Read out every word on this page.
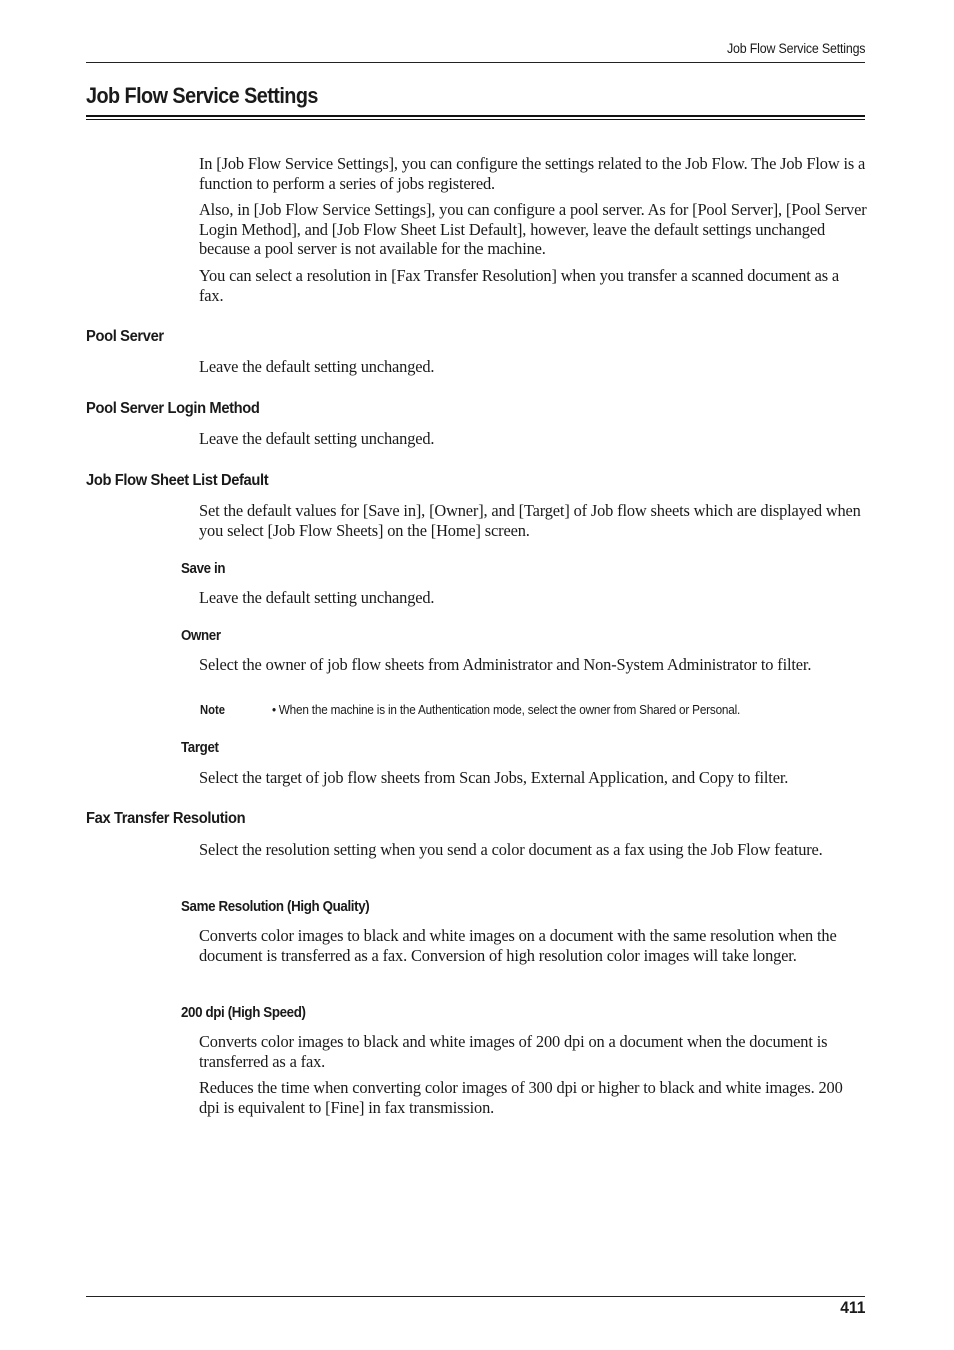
Job Flow Service Settings
Job Flow Service Settings

In [Job Flow Service Settings], you can configure the settings related to the Job Flow. The Job Flow is a function to perform a series of jobs registered.

Also, in [Job Flow Service Settings], you can configure a pool server. As for [Pool Server], [Pool Server Login Method], and [Job Flow Sheet List Default], however, leave the default settings unchanged because a pool server is not available for the machine.

You can select a resolution in [Fax Transfer Resolution] when you transfer a scanned document as a fax.

Pool Server

Leave the default setting unchanged.

Pool Server Login Method

Leave the default setting unchanged.

Job Flow Sheet List Default

Set the default values for [Save in], [Owner], and [Target] of Job flow sheets which are displayed when you select [Job Flow Sheets] on the [Home] screen.

Save in

Leave the default setting unchanged.

Owner

Select the owner of job flow sheets from Administrator and Non-System Administrator to filter.

Note	• When the machine is in the Authentication mode, select the owner from Shared or Personal.
Target

Select the target of job flow sheets from Scan Jobs, External Application, and Copy to filter.

Fax Transfer Resolution

Select the resolution setting when you send a color document as a fax using the Job Flow feature.

Same Resolution (High Quality)

Converts color images to black and white images on a document with the same resolution when the document is transferred as a fax. Conversion of high resolution color images will take longer.

200 dpi (High Speed)

Converts color images to black and white images of 200 dpi on a document when the document is transferred as a fax.

Reduces the time when converting color images of 300 dpi or higher to black and white images. 200 dpi is equivalent to [Fine] in fax transmission.

411
